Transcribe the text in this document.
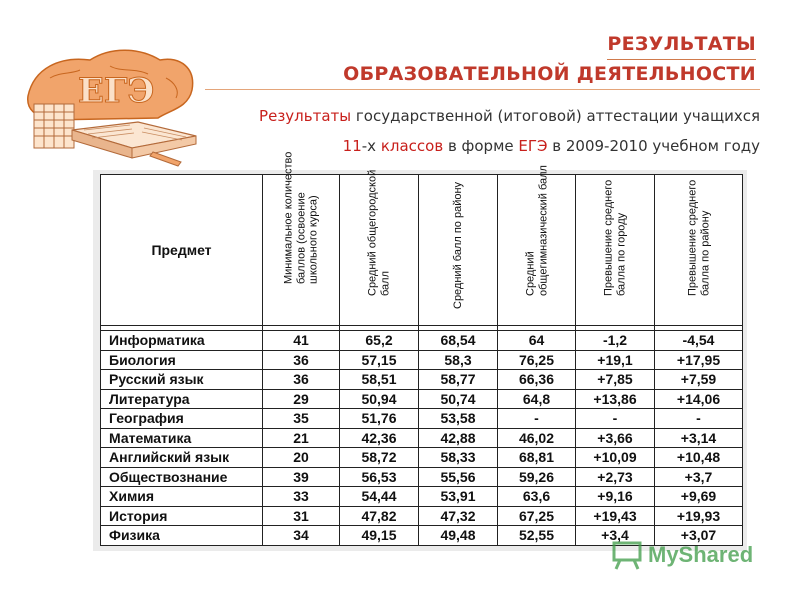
ЕГЭ
РЕЗУЛЬТАТЫ
ОБРАЗОВАТЕЛЬНОЙ ДЕЯТЕЛЬНОСТИ
Результаты государственной (итоговой) аттестации учащихся
11-х классов в форме ЕГЭ в 2009-2010 учебном году
Предмет	Минимальное количество баллов (освоение школьного курса)	Средний общегородской балл	Средний балл по району	Средний общегимназический балл	Превышение среднего балла по городу	Превышение среднего балла по району

Информатика	41	65,2	68,54	64	-1,2	-4,54
Биология	36	57,15	58,3	76,25	+19,1	+17,95
Русский язык	36	58,51	58,77	66,36	+7,85	+7,59
Литература	29	50,94	50,74	64,8	+13,86	+14,06
География	35	51,76	53,58	-	-	-
Математика	21	42,36	42,88	46,02	+3,66	+3,14
Английский язык	20	58,72	58,33	68,81	+10,09	+10,48
Обществознание	39	56,53	55,56	59,26	+2,73	+3,7
Химия	33	54,44	53,91	63,6	+9,16	+9,69
История	31	47,82	47,32	67,25	+19,43	+19,93
Физика	34	49,15	49,48	52,55	+3,4	+3,07
MyShared
